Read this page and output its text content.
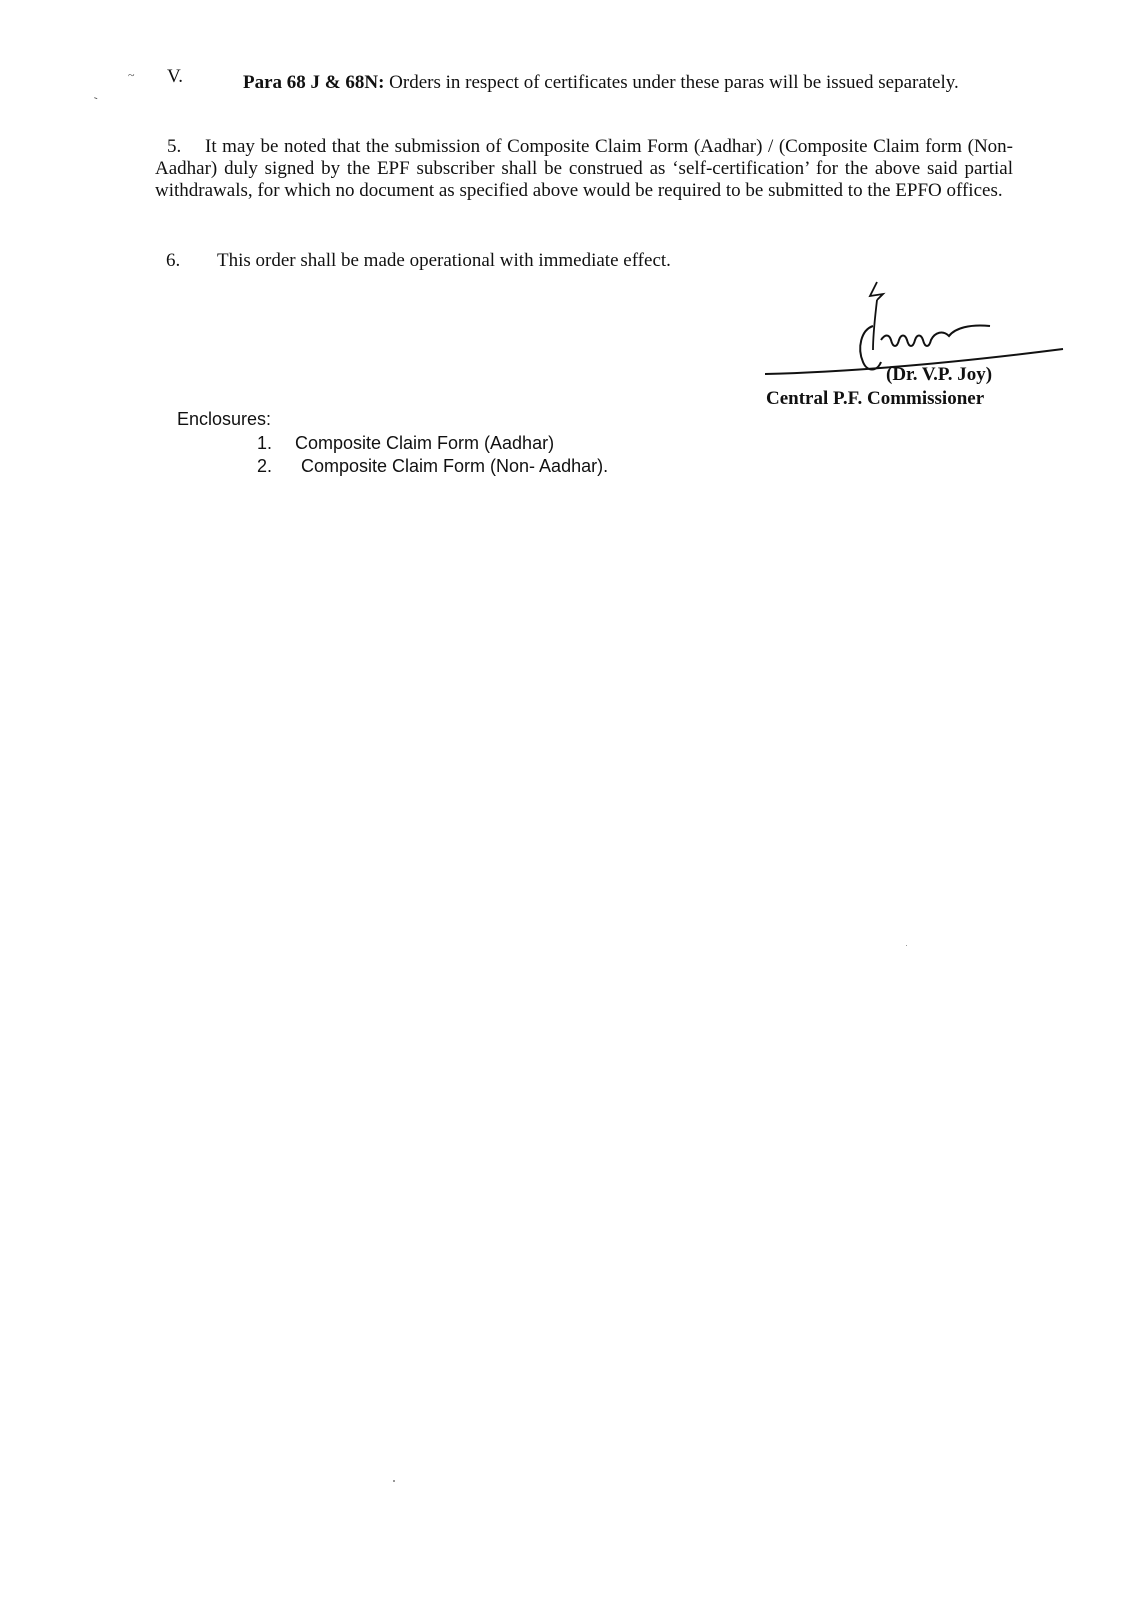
~
-
V.	Para 68 J & 68N: Orders in respect of certificates under these paras will be issued separately.
5. It may be noted that the submission of Composite Claim Form (Aadhar) / (Composite Claim form (Non-Aadhar) duly signed by the EPF subscriber shall be construed as ‘self-certification’ for the above said partial withdrawals, for which no document as specified above would be required to be submitted to the EPFO offices.
6. This order shall be made operational with immediate effect.
(Dr. V.P. Joy)
Central P.F. Commissioner
Enclosures:
1. Composite Claim Form (Aadhar)
2. Composite Claim Form (Non- Aadhar).
